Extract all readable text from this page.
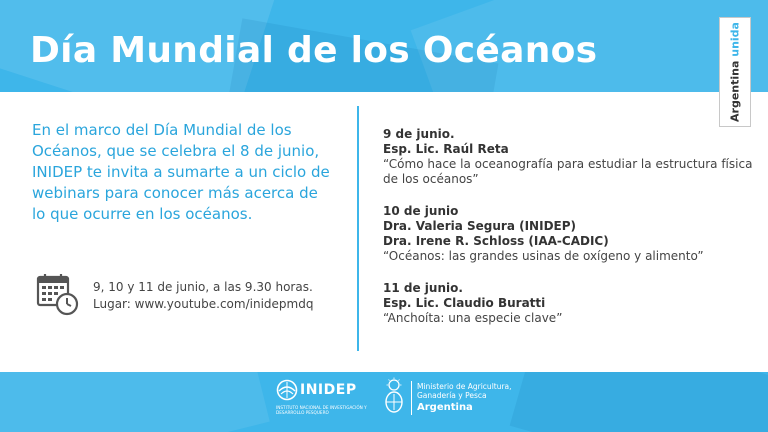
Día Mundial de los Océanos
Argentina unida
En el marco del Día Mundial de los Océanos, que se celebra el 8 de junio, INIDEP te invita a sumarte a un ciclo de webinars para conocer más acerca de lo que ocurre en los océanos.
9, 10 y 11 de junio, a las 9.30 horas.
Lugar: www.youtube.com/inidepmdq
9 de junio.
Esp. Lic. Raúl Reta
“Cómo hace la oceanografía para estudiar la estructura física de los océanos”
10 de junio
Dra. Valeria Segura (INIDEP)
Dra. Irene R. Schloss (IAA-CADIC)
“Océanos: las grandes usinas de oxígeno y alimento”
11 de junio.
Esp. Lic. Claudio Buratti
“Anchoíta: una especie clave”
INIDEP
INSTITUTO NACIONAL DE INVESTIGACIÓN Y DESARROLLO PESQUERO
Ministerio de Agricultura,
Ganadería y Pesca
Argentina
